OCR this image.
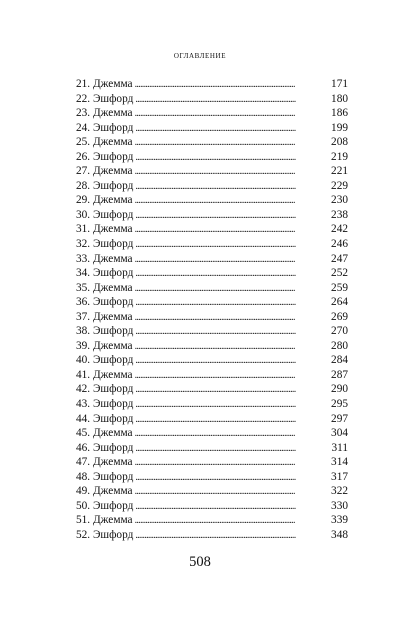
оглавление
21. Джемма . . .	171
22. Эшфорд . . .	180
23. Джемма . . .	186
24. Эшфорд . . .	199
25. Джемма . . .	208
26. Эшфорд . . .	219
27. Джемма . . .	221
28. Эшфорд . . .	229
29. Джемма . . .	230
30. Эшфорд . . .	238
31. Джемма . . .	242
32. Эшфорд . . .	246
33. Джемма . . .	247
34. Эшфорд . . .	252
35. Джемма . . .	259
36. Эшфорд . . .	264
37. Джемма . . .	269
38. Эшфорд . . .	270
39. Джемма . . .	280
40. Эшфорд . . .	284
41. Джемма . . .	287
42. Эшфорд . . .	290
43. Эшфорд . . .	295
44. Эшфорд . . .	297
45. Джемма . . .	304
46. Эшфорд . . .	311
47. Джемма . . .	314
48. Эшфорд . . .	317
49. Джемма . . .	322
50. Эшфорд . . .	330
51. Джемма . . .	339
52. Эшфорд . . .	348
508
